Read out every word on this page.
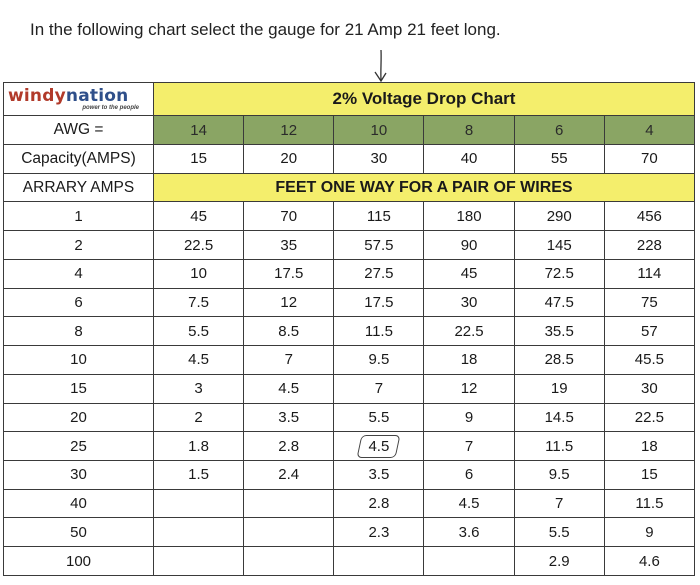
In the following chart select the gauge for 21 Amp 21 feet long.
windynation
power to the people	2% Voltage Drop Chart					
AWG =	14	12	10	8	6	4
Capacity(AMPS)	15	20	30	40	55	70
ARRARY AMPS	FEET ONE WAY FOR A PAIR OF WIRES					
1	45	70	115	180	290	456
2	22.5	35	57.5	90	145	228
4	10	17.5	27.5	45	72.5	114
6	7.5	12	17.5	30	47.5	75
8	5.5	8.5	11.5	22.5	35.5	57
10	4.5	7	9.5	18	28.5	45.5
15	3	4.5	7	12	19	30
20	2	3.5	5.5	9	14.5	22.5
25	1.8	2.8	4.5	7	11.5	18
30	1.5	2.4	3.5	6	9.5	15
40			2.8	4.5	7	11.5
50			2.3	3.6	5.5	9
100					2.9	4.6
